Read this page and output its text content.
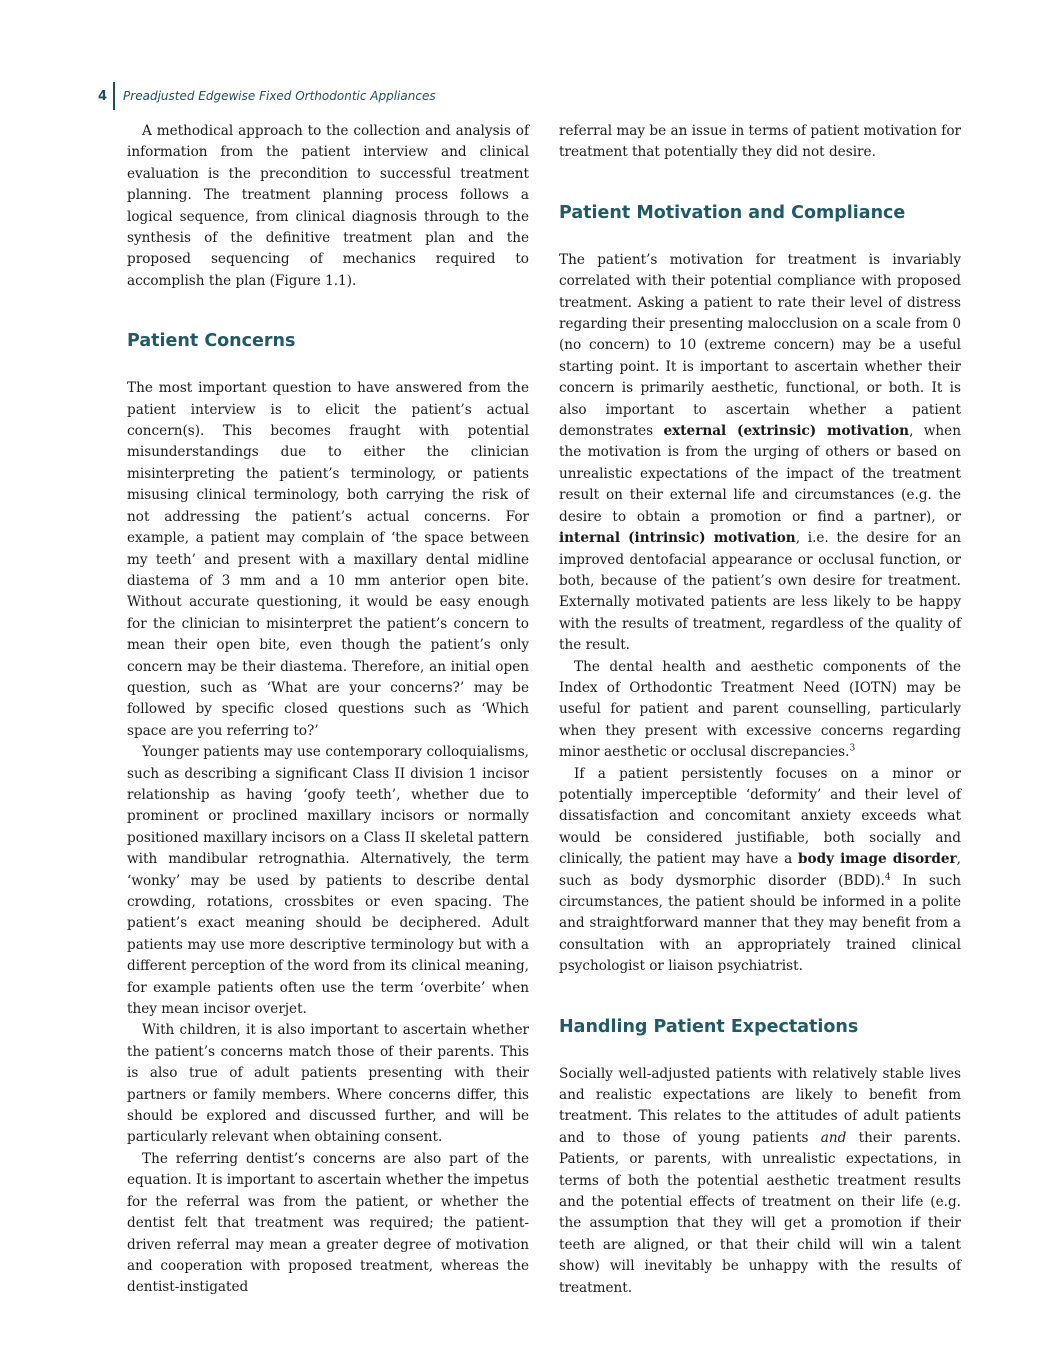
4 Preadjusted Edgewise Fixed Orthodontic Appliances

A methodical approach to the collection and analysis of information from the patient interview and clinical evaluation is the precondition to successful treatment planning. The treatment planning process follows a logical sequence, from clinical diagnosis through to the synthesis of the definitive treatment plan and the proposed sequencing of mechanics required to accomplish the plan (Figure 1.1).

Patient Concerns

The most important question to have answered from the patient interview is to elicit the patient’s actual concern(s). This becomes fraught with potential misunderstandings due to either the clinician misinterpreting the patient’s terminology, or patients misusing clinical terminology, both carrying the risk of not addressing the patient’s actual concerns. For example, a patient may complain of ‘the space between my teeth’ and present with a maxillary dental midline diastema of 3 mm and a 10 mm anterior open bite. Without accurate questioning, it would be easy enough for the clinician to misinterpret the patient’s concern to mean their open bite, even though the patient’s only concern may be their diastema. Therefore, an initial open question, such as ‘What are your concerns?’ may be followed by specific closed questions such as ‘Which space are you referring to?’

Younger patients may use contemporary colloquialisms, such as describing a significant Class II division 1 incisor relationship as having ‘goofy teeth’, whether due to prominent or proclined maxillary incisors or normally positioned maxillary incisors on a Class II skeletal pattern with mandibular retrognathia. Alternatively, the term ‘wonky’ may be used by patients to describe dental crowding, rotations, crossbites or even spacing. The patient’s exact meaning should be deciphered. Adult patients may use more descriptive terminology but with a different perception of the word from its clinical meaning, for example patients often use the term ‘overbite’ when they mean incisor overjet.

With children, it is also important to ascertain whether the patient’s concerns match those of their parents. This is also true of adult patients presenting with their partners or family members. Where concerns differ, this should be explored and discussed further, and will be particularly relevant when obtaining consent.

The referring dentist’s concerns are also part of the equation. It is important to ascertain whether the impetus for the referral was from the patient, or whether the dentist felt that treatment was required; the patient-driven referral may mean a greater degree of motivation and cooperation with proposed treatment, whereas the dentist-instigated

referral may be an issue in terms of patient motivation for treatment that potentially they did not desire.

Patient Motivation and Compliance

The patient’s motivation for treatment is invariably correlated with their potential compliance with proposed treatment. Asking a patient to rate their level of distress regarding their presenting malocclusion on a scale from 0 (no concern) to 10 (extreme concern) may be a useful starting point. It is important to ascertain whether their concern is primarily aesthetic, functional, or both. It is also important to ascertain whether a patient demonstrates external (extrinsic) motivation, when the motivation is from the urging of others or based on unrealistic expectations of the impact of the treatment result on their external life and circumstances (e.g. the desire to obtain a promotion or find a partner), or internal (intrinsic) motivation, i.e. the desire for an improved dentofacial appearance or occlusal function, or both, because of the patient’s own desire for treatment. Externally motivated patients are less likely to be happy with the results of treatment, regardless of the quality of the result.

The dental health and aesthetic components of the Index of Orthodontic Treatment Need (IOTN) may be useful for patient and parent counselling, particularly when they present with excessive concerns regarding minor aesthetic or occlusal discrepancies.$^3$

If a patient persistently focuses on a minor or potentially imperceptible ‘deformity’ and their level of dissatisfaction and concomitant anxiety exceeds what would be considered justifiable, both socially and clinically, the patient may have a body image disorder, such as body dysmorphic disorder (BDD).$^4$ In such circumstances, the patient should be informed in a polite and straightforward manner that they may benefit from a consultation with an appropriately trained clinical psychologist or liaison psychiatrist.

Handling Patient Expectations

Socially well-adjusted patients with relatively stable lives and realistic expectations are likely to benefit from treatment. This relates to the attitudes of adult patients and to those of young patients and their parents. Patients, or parents, with unrealistic expectations, in terms of both the potential aesthetic treatment results and the potential effects of treatment on their life (e.g. the assumption that they will get a promotion if their teeth are aligned, or that their child will win a talent show) will inevitably be unhappy with the results of treatment.
